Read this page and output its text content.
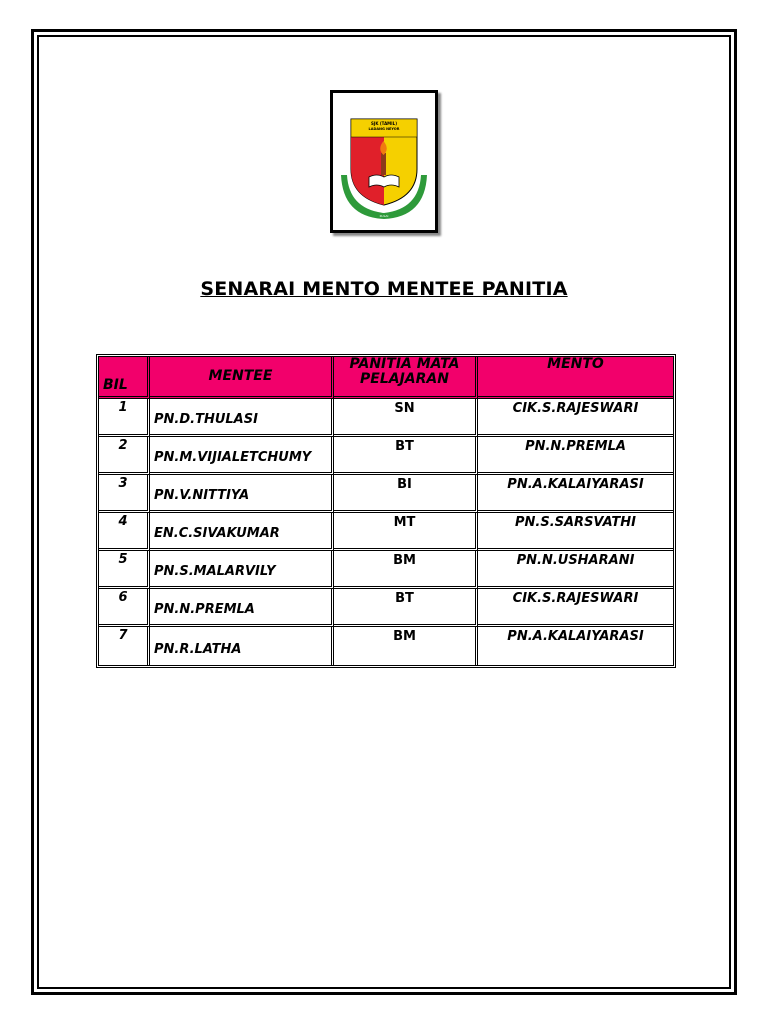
SJK (TAMIL)
LADANG NEYOR
KULAI
SENARAI MENTO MENTEE PANITIA
BIL	MENTEE	PANITIA MATA PELAJARAN	MENTO
1	PN.D.THULASI	SN	CIK.S.RAJESWARI
2	PN.M.VIJIALETCHUMY	BT	PN.N.PREMLA
3	PN.V.NITTIYA	BI	PN.A.KALAIYARASI
4	EN.C.SIVAKUMAR	MT	PN.S.SARSVATHI
5	PN.S.MALARVILY	BM	PN.N.USHARANI
6	PN.N.PREMLA	BT	CIK.S.RAJESWARI
7	PN.R.LATHA	BM	PN.A.KALAIYARASI
